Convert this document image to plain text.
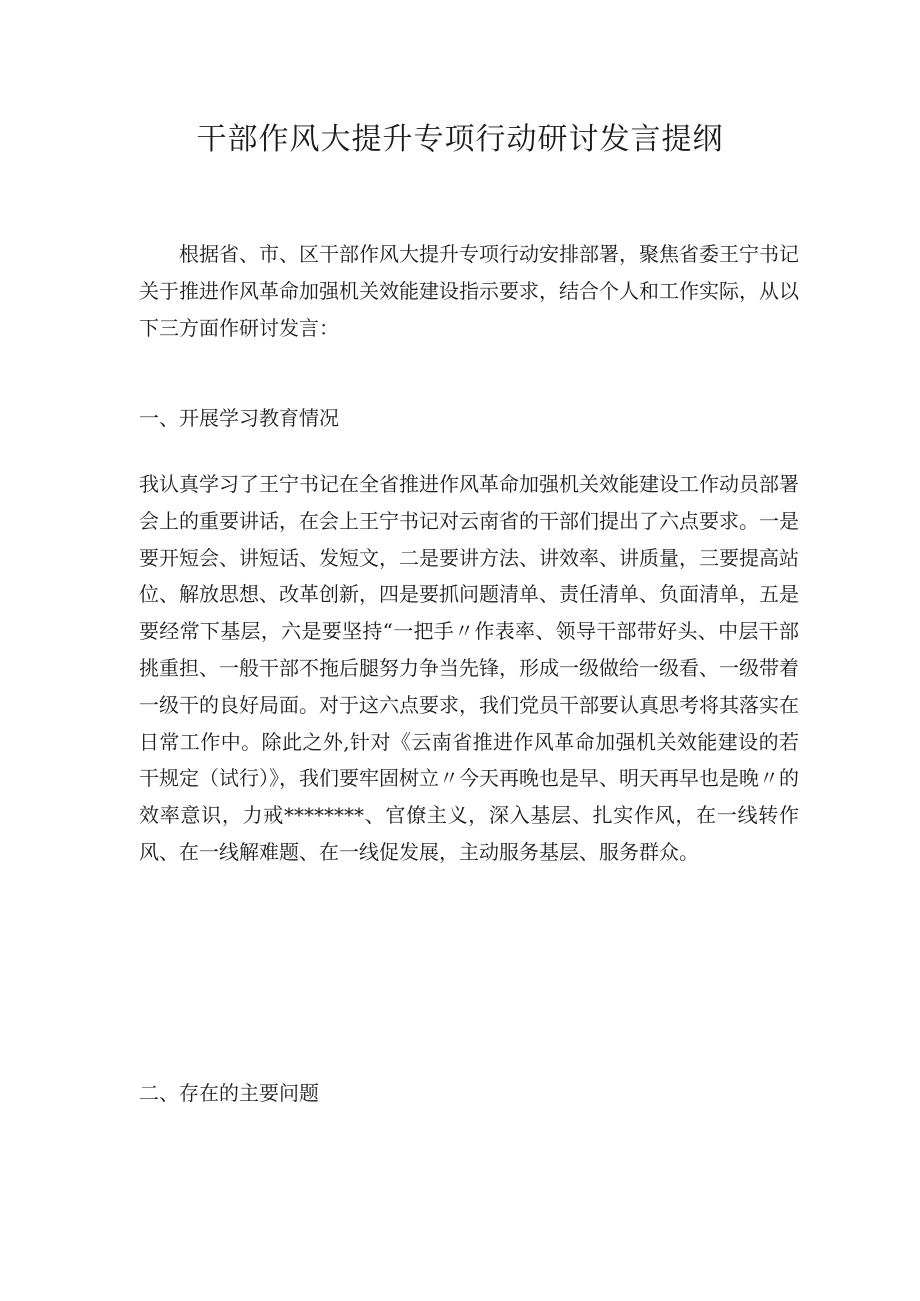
干部作风大提升专项行动研讨发言提纲

根据省、市、区干部作风大提升专项行动安排部署，聚焦省委王宁书记关于推进作风革命加强机关效能建设指示要求，结合个人和工作实际，从以下三方面作研讨发言：

一、开展学习教育情况

我认真学习了王宁书记在全省推进作风革命加强机关效能建设工作动员部署会上的重要讲话，在会上王宁书记对云南省的干部们提出了六点要求。一是要开短会、讲短话、发短文，二是要讲方法、讲效率、讲质量，三要提高站位、解放思想、改革创新，四是要抓问题清单、责任清单、负面清单，五是要经常下基层，六是要坚持“一把手〃作表率、领导干部带好头、中层干部挑重担、一般干部不拖后腿努力争当先锋，形成一级做给一级看、一级带着一级干的良好局面。对于这六点要求，我们党员干部要认真思考将其落实在日常工作中。除此之外,针对《云南省推进作风革命加强机关效能建设的若干规定（试行）》，我们要牢固树立〃今天再晚也是早、明天再早也是晚〃的效率意识，力戒********、官僚主义，深入基层、扎实作风，在一线转作风、在一线解难题、在一线促发展，主动服务基层、服务群众。

二、存在的主要问题
